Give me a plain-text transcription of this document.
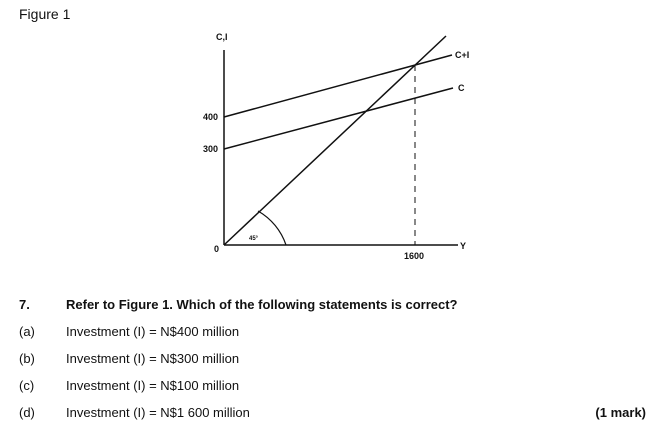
Figure 1
C,I
Y
400
300
0
1600
C+I
C
45°
7.	Refer to Figure 1. Which of the following statements is correct?
(a) Investment (I) = N$400 million
(b) Investment (I) = N$300 million
(c) Investment (I) = N$100 million
(d) Investment (I) = N$1 600 million	(1 mark)
